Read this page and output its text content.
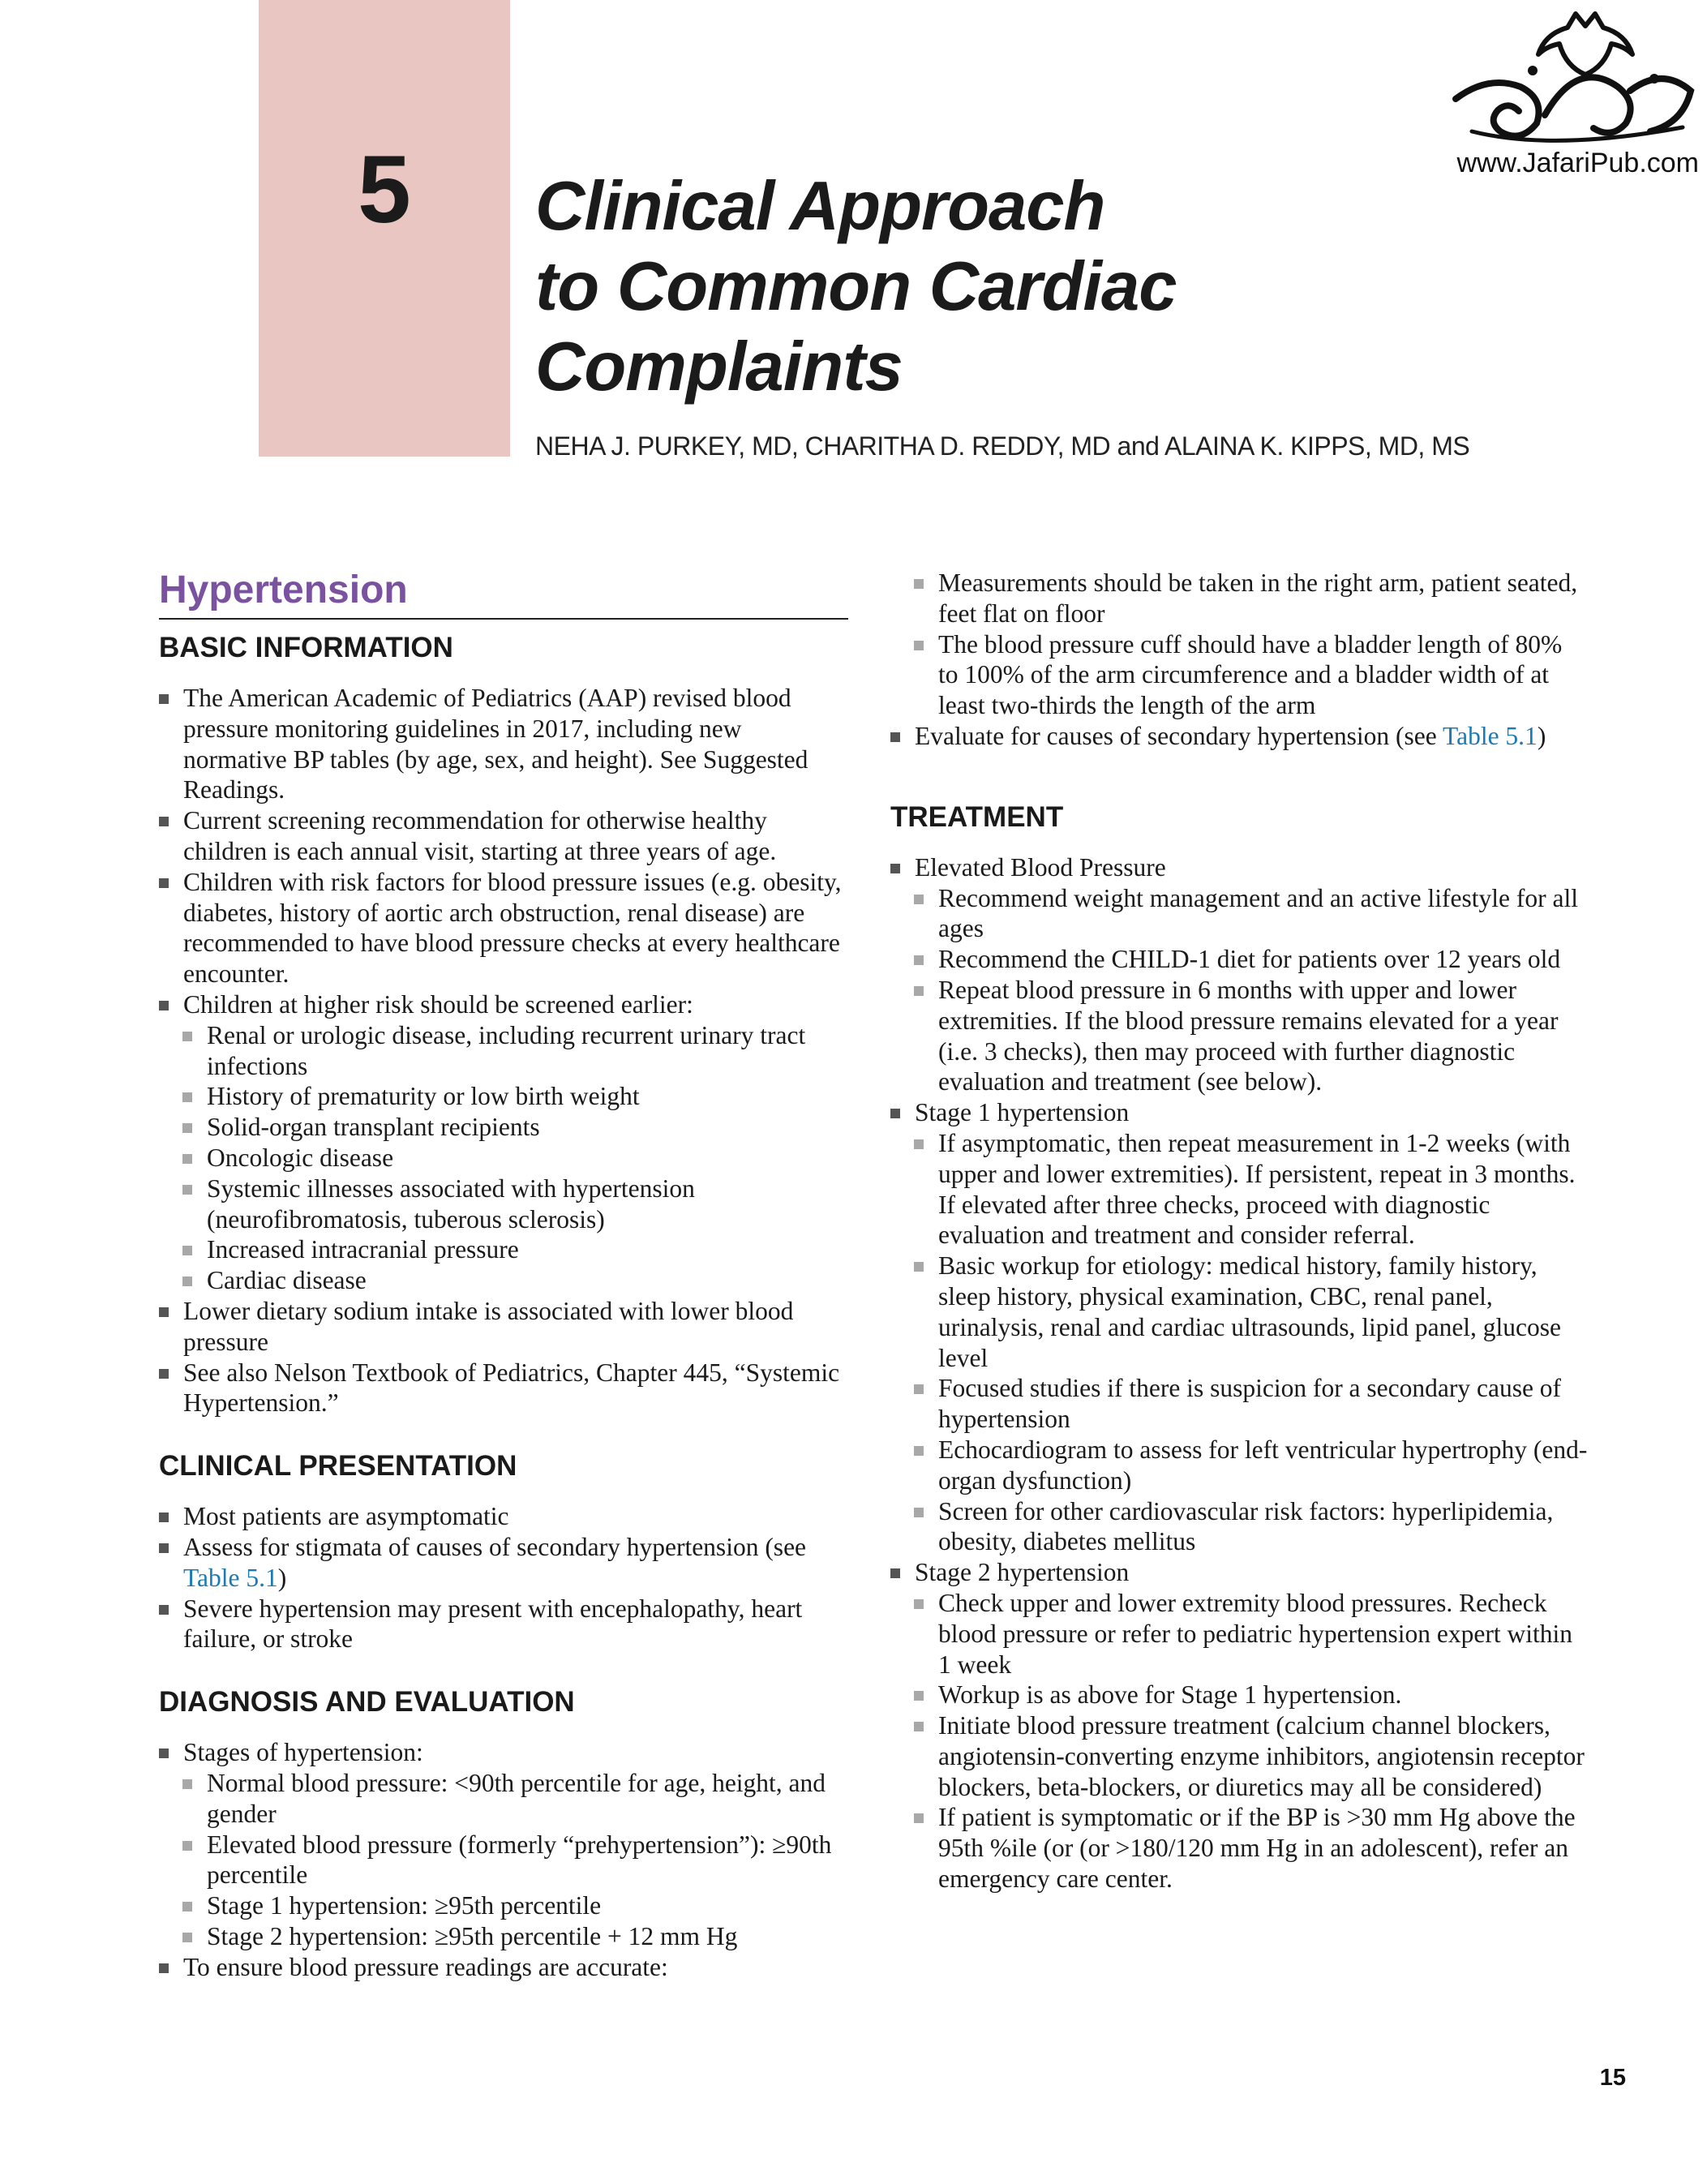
5	Clinical Approach
to Common Cardiac
Complaints
NEHA J. PURKEY, MD, CHARITHA D. REDDY, MD and ALAINA K. KIPPS, MD, MS
www.JafariPub.com
Hypertension
BASIC INFORMATION
The American Academic of Pediatrics (AAP) revised blood pressure monitoring guidelines in 2017, including new normative BP tables (by age, sex, and height). See Suggested Readings.
Current screening recommendation for otherwise healthy children is each annual visit, starting at three years of age.
Children with risk factors for blood pressure issues (e.g. obesity, diabetes, history of aortic arch obstruction, renal disease) are recommended to have blood pressure checks at every healthcare encounter.
Children at higher risk should be screened earlier:
Renal or urologic disease, including recurrent urinary tract infections
History of prematurity or low birth weight
Solid-organ transplant recipients
Oncologic disease
Systemic illnesses associated with hypertension (neurofibromatosis, tuberous sclerosis)
Increased intracranial pressure
Cardiac disease
Lower dietary sodium intake is associated with lower blood pressure
See also Nelson Textbook of Pediatrics, Chapter 445, “Systemic Hypertension.”
CLINICAL PRESENTATION
Most patients are asymptomatic
Assess for stigmata of causes of secondary hypertension (see Table 5.1)
Severe hypertension may present with encephalopathy, heart failure, or stroke
DIAGNOSIS AND EVALUATION
Stages of hypertension:
Normal blood pressure: <90th percentile for age, height, and gender
Elevated blood pressure (formerly “prehypertension”): ≥90th percentile
Stage 1 hypertension: ≥95th percentile
Stage 2 hypertension: ≥95th percentile + 12 mm Hg
To ensure blood pressure readings are accurate:
Measurements should be taken in the right arm, patient seated, feet flat on floor
The blood pressure cuff should have a bladder length of 80% to 100% of the arm circumference and a bladder width of at least two-thirds the length of the arm
Evaluate for causes of secondary hypertension (see Table 5.1)
TREATMENT
Elevated Blood Pressure
Recommend weight management and an active lifestyle for all ages
Recommend the CHILD-1 diet for patients over 12 years old
Repeat blood pressure in 6 months with upper and lower extremities. If the blood pressure remains elevated for a year (i.e. 3 checks), then may proceed with further diagnostic evaluation and treatment (see below).
Stage 1 hypertension
If asymptomatic, then repeat measurement in 1-2 weeks (with upper and lower extremities). If persistent, repeat in 3 months. If elevated after three checks, proceed with diagnostic evaluation and treatment and consider referral.
Basic workup for etiology: medical history, family history, sleep history, physical examination, CBC, renal panel, urinalysis, renal and cardiac ultrasounds, lipid panel, glucose level
Focused studies if there is suspicion for a secondary cause of hypertension
Echocardiogram to assess for left ventricular hypertrophy (end-organ dysfunction)
Screen for other cardiovascular risk factors: hyperlipidemia, obesity, diabetes mellitus
Stage 2 hypertension
Check upper and lower extremity blood pressures. Recheck blood pressure or refer to pediatric hypertension expert within 1 week
Workup is as above for Stage 1 hypertension.
Initiate blood pressure treatment (calcium channel blockers, angiotensin-converting enzyme inhibitors, angiotensin receptor blockers, beta-blockers, or diuretics may all be considered)
If patient is symptomatic or if the BP is >30 mm Hg above the 95th %ile (or (or >180/120 mm Hg in an adolescent), refer an emergency care center.
15
